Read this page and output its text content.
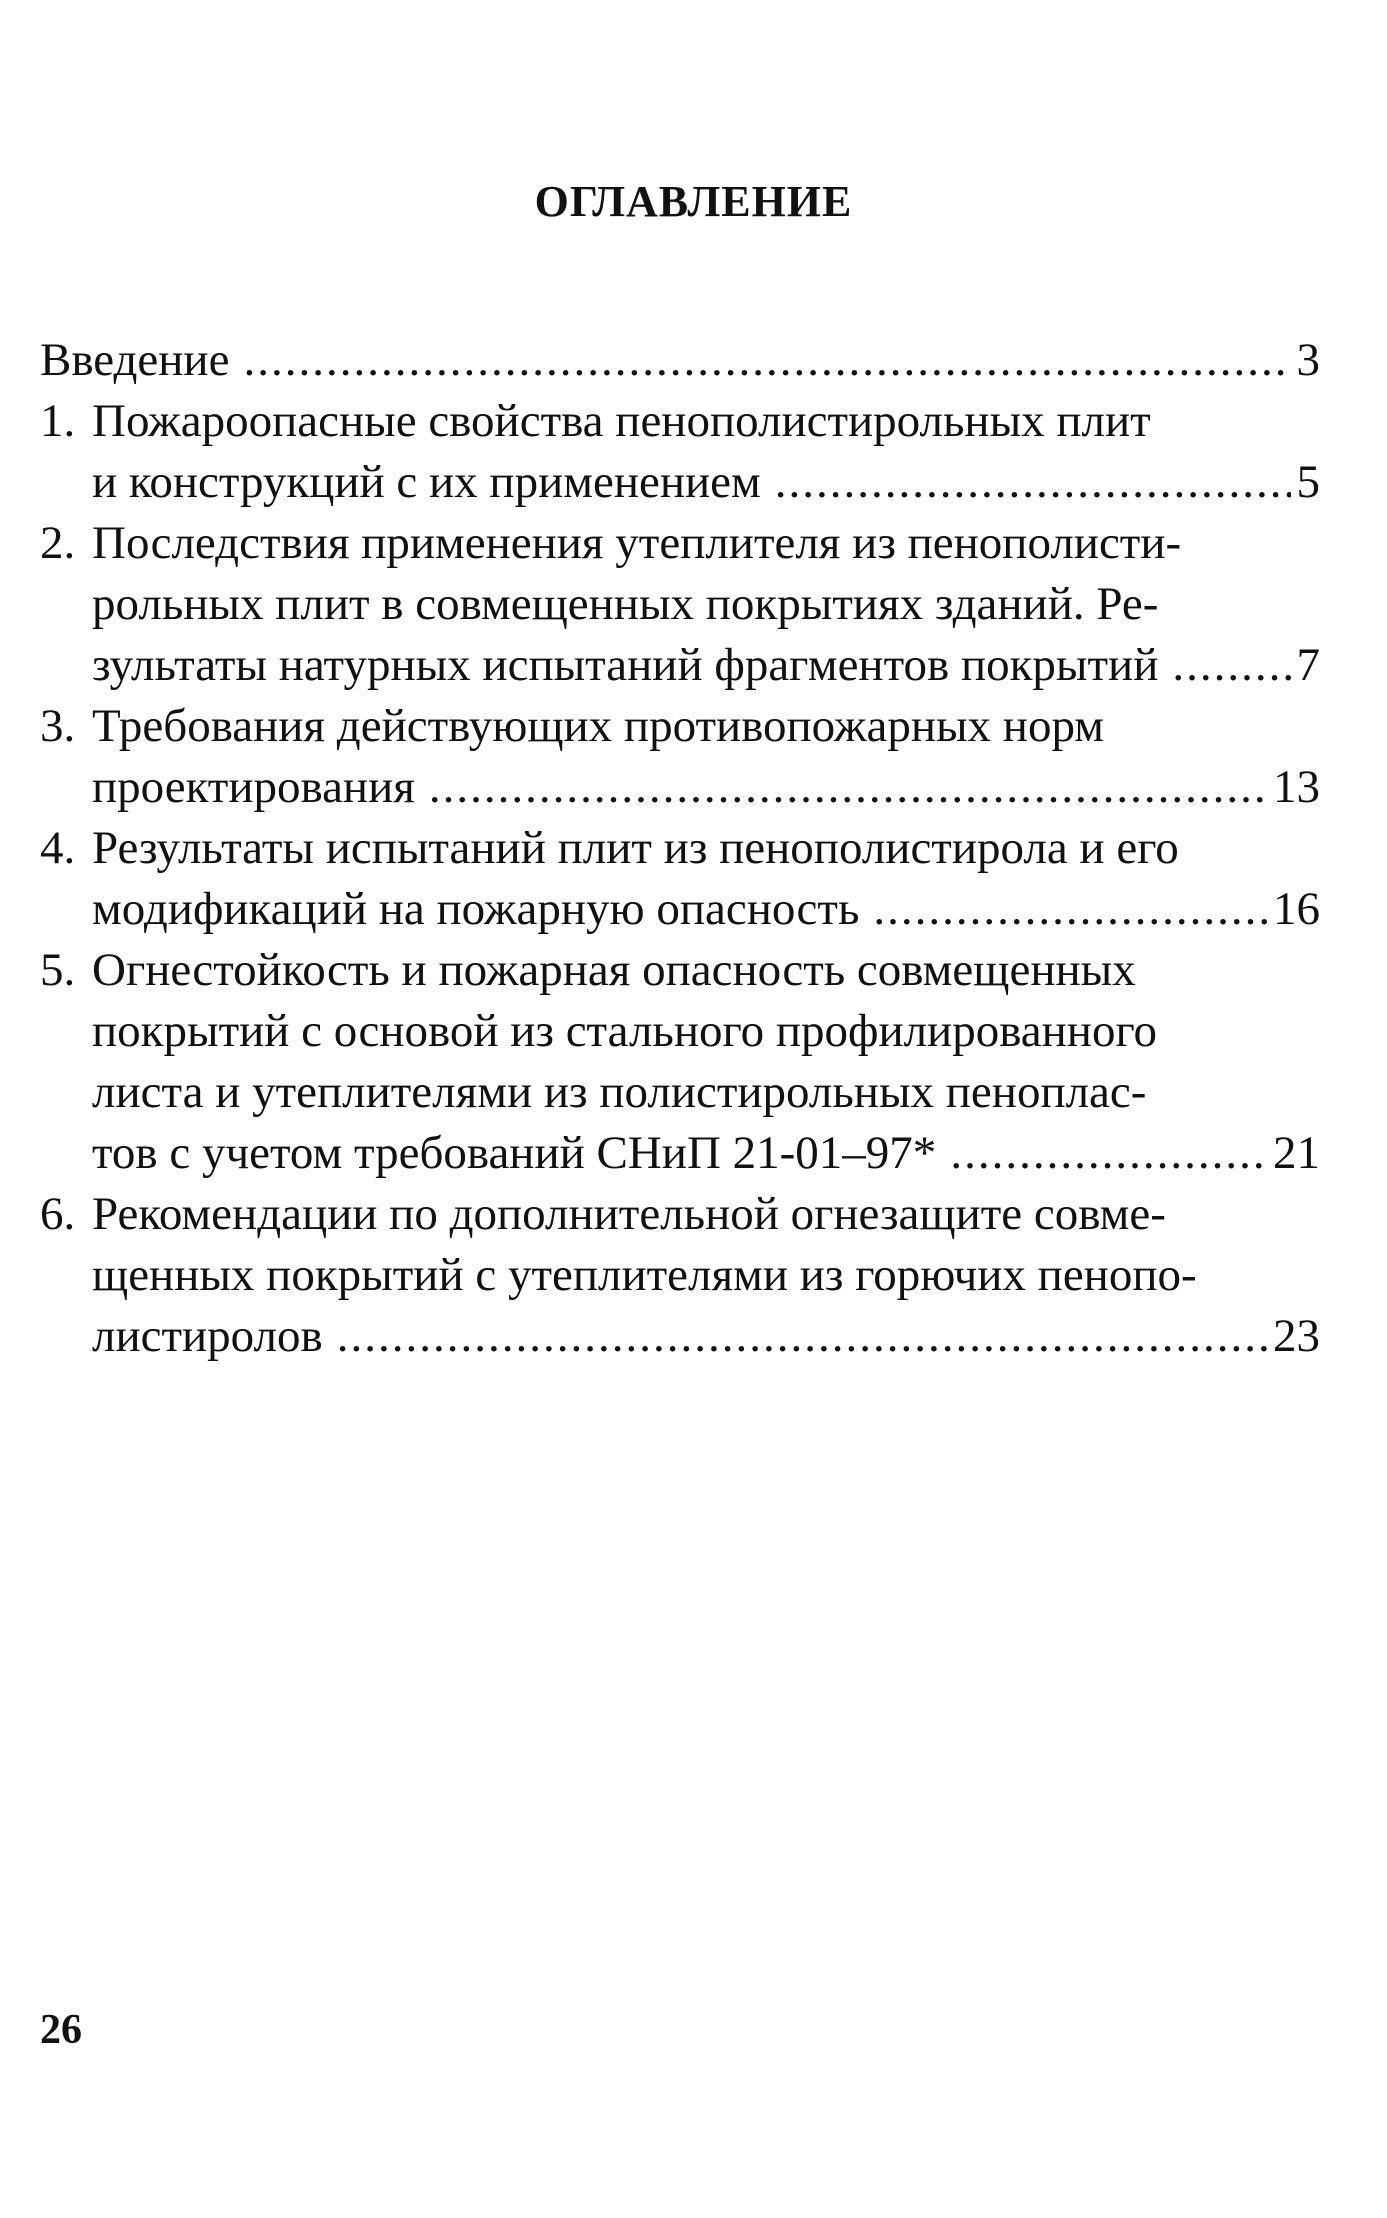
ОГЛАВЛЕНИЕ
Введение .....	3
1. Пожароопасные свойства пенополистирольных плит
и конструкций с их применением .....	5
2. Последствия применения утеплителя из пенополисти-
рольных плит в совмещенных покрытиях зданий. Ре-
зультаты натурных испытаний фрагментов покрытий .....	7
3. Требования действующих противопожарных норм
проектирования .....	13
4. Результаты испытаний плит из пенополистирола и его
модификаций на пожарную опасность .....	16
5. Огнестойкость и пожарная опасность совмещенных
покрытий с основой из стального профилированного
листа и утеплителями из полистирольных пеноплас-
тов с учетом требований СНиП 21-01–97* .....	21
6. Рекомендации по дополнительной огнезащите совме-
щенных покрытий с утеплителями из горючих пенопо-
листиролов .....	23
26
